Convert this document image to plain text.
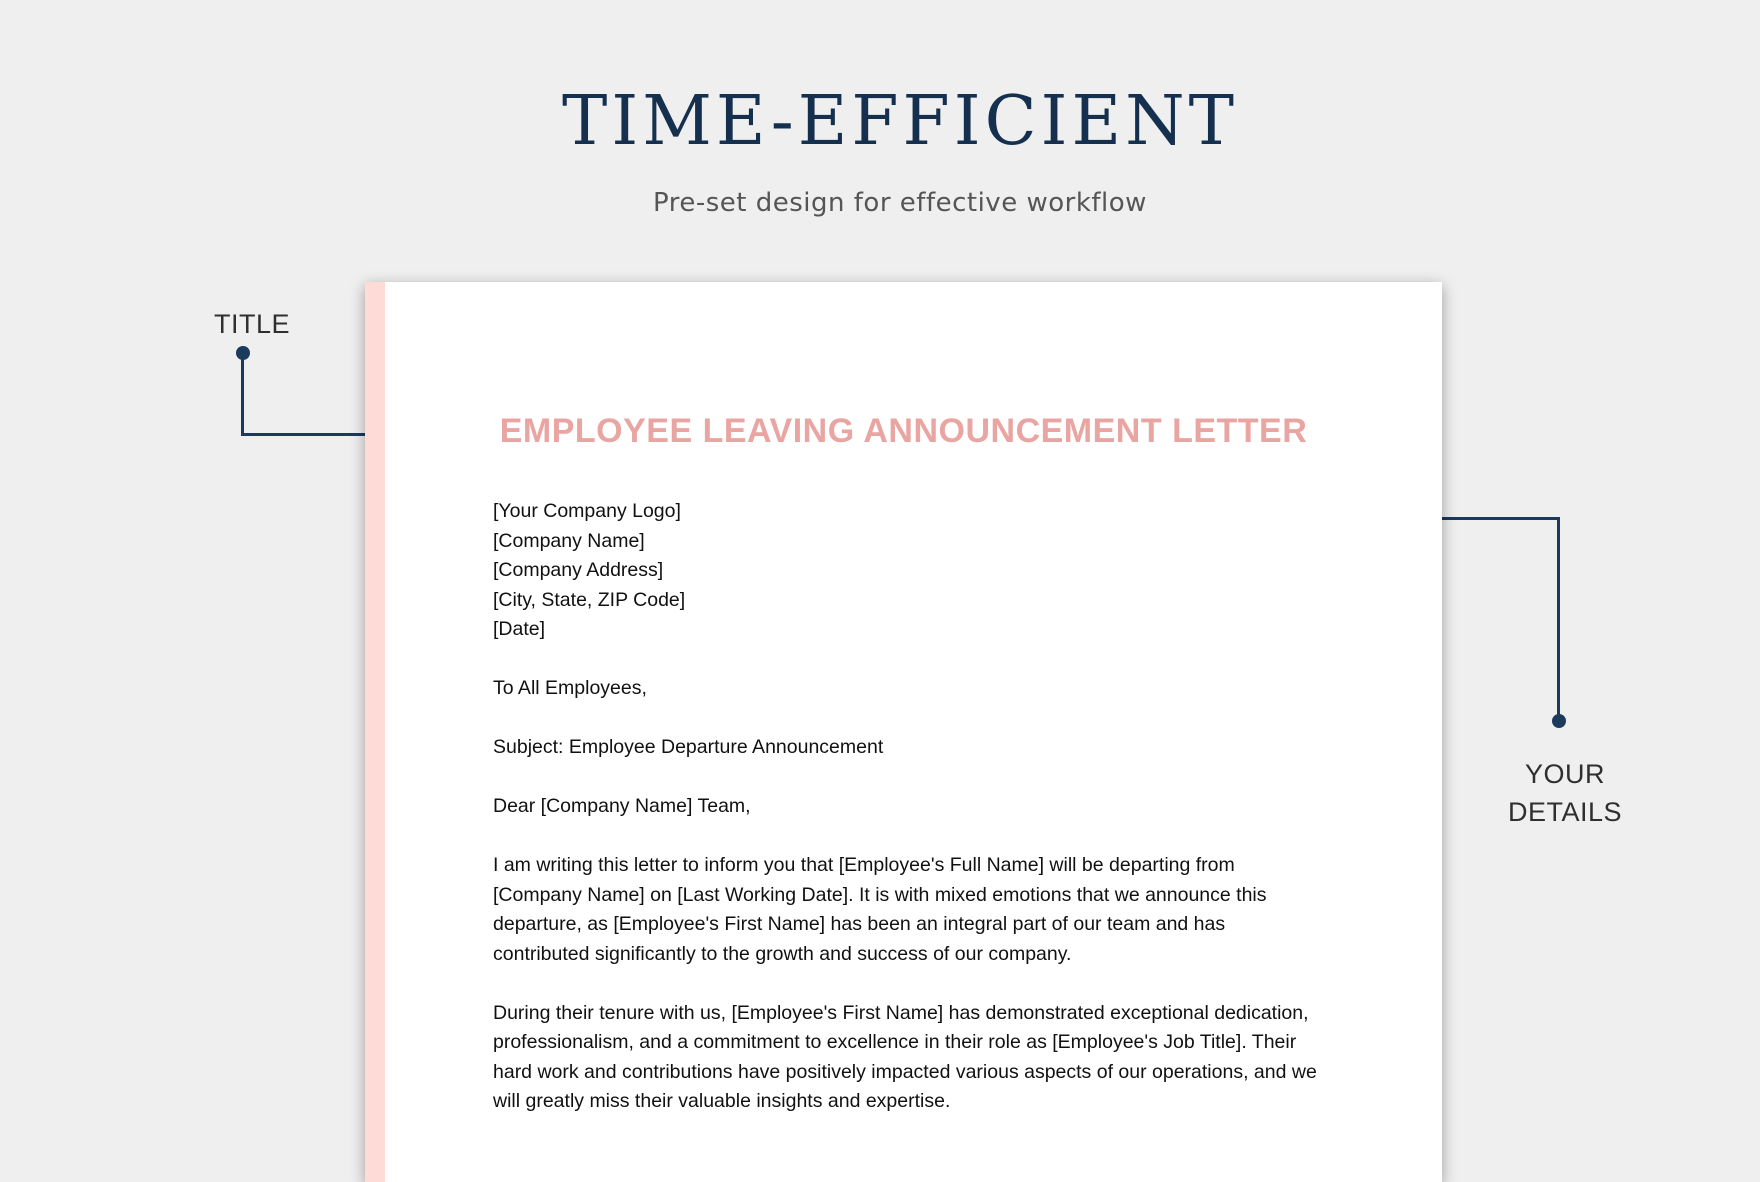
TIME-EFFICIENT
Pre-set design for effective workflow
TITLE
YOUR
DETAILS
EMPLOYEE LEAVING ANNOUNCEMENT LETTER

[Your Company Logo]

[Company Name]

[Company Address]

[City, State, ZIP Code]

[Date]

To All Employees,

Subject: Employee Departure Announcement

Dear [Company Name] Team,

I am writing this letter to inform you that [Employee's Full Name] will be departing from [Company Name] on [Last Working Date]. It is with mixed emotions that we announce this departure, as [Employee's First Name] has been an integral part of our team and has contributed significantly to the growth and success of our company.

During their tenure with us, [Employee's First Name] has demonstrated exceptional dedication, professionalism, and a commitment to excellence in their role as [Employee's Job Title]. Their hard work and contributions have positively impacted various aspects of our operations, and we will greatly miss their valuable insights and expertise.
